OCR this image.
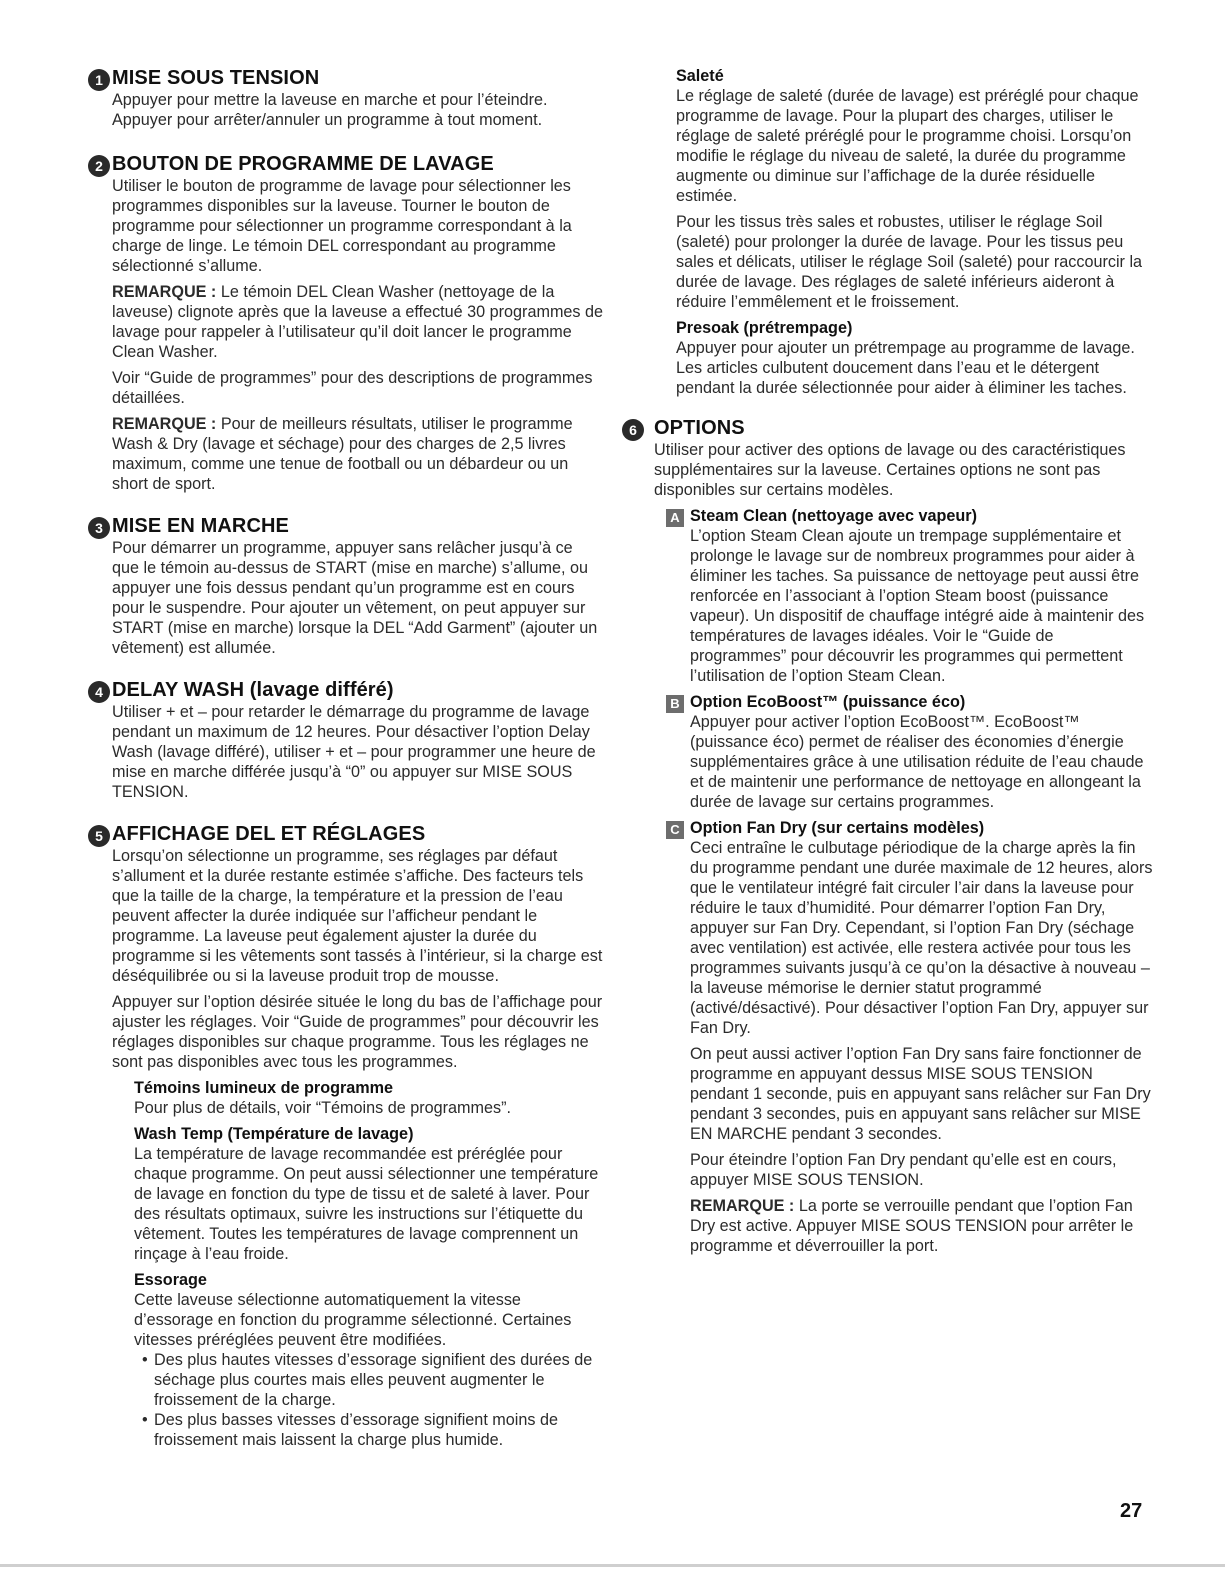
1 MISE SOUS TENSION

Appuyer pour mettre la laveuse en marche et pour l’éteindre. Appuyer pour arrêter/annuler un programme à tout moment.

2 BOUTON DE PROGRAMME DE LAVAGE

Utiliser le bouton de programme de lavage pour sélectionner les programmes disponibles sur la laveuse. Tourner le bouton de programme pour sélectionner un programme correspondant à la charge de linge. Le témoin DEL correspondant au programme sélectionné s’allume.

REMARQUE : Le témoin DEL Clean Washer (nettoyage de la laveuse) clignote après que la laveuse a effectué 30 programmes de lavage pour rappeler à l’utilisateur qu’il doit lancer le programme Clean Washer.

Voir “Guide de programmes” pour des descriptions de programmes détaillées.

REMARQUE : Pour de meilleurs résultats, utiliser le programme Wash & Dry (lavage et séchage) pour des charges de 2,5 livres maximum, comme une tenue de football ou un débardeur ou un short de sport.

3 MISE EN MARCHE

Pour démarrer un programme, appuyer sans relâcher jusqu’à ce que le témoin au-dessus de START (mise en marche) s’allume, ou appuyer une fois dessus pendant qu’un programme est en cours pour le suspendre. Pour ajouter un vêtement, on peut appuyer sur START (mise en marche) lorsque la DEL “Add Garment” (ajouter un vêtement) est allumée.

4 DELAY WASH (lavage différé)

Utiliser + et – pour retarder le démarrage du programme de lavage pendant un maximum de 12 heures. Pour désactiver l’option Delay Wash (lavage différé), utiliser + et – pour programmer une heure de mise en marche différée jusqu’à “0” ou appuyer sur MISE SOUS TENSION.

5 AFFICHAGE DEL ET RÉGLAGES

Lorsqu’on sélectionne un programme, ses réglages par défaut s’allument et la durée restante estimée s’affiche. Des facteurs tels que la taille de la charge, la température et la pression de l’eau peuvent affecter la durée indiquée sur l’afficheur pendant le programme. La laveuse peut également ajuster la durée du programme si les vêtements sont tassés à l’intérieur, si la charge est déséquilibrée ou si la laveuse produit trop de mousse.

Appuyer sur l’option désirée située le long du bas de l’affichage pour ajuster les réglages. Voir “Guide de programmes” pour découvrir les réglages disponibles sur chaque programme. Tous les réglages ne sont pas disponibles avec tous les programmes.

Témoins lumineux de programme

Pour plus de détails, voir “Témoins de programmes”.

Wash Temp (Température de lavage)

La température de lavage recommandée est préréglée pour chaque programme. On peut aussi sélectionner une température de lavage en fonction du type de tissu et de saleté à laver. Pour des résultats optimaux, suivre les instructions sur l’étiquette du vêtement. Toutes les températures de lavage comprennent un rinçage à l’eau froide.

Essorage

Cette laveuse sélectionne automatiquement la vitesse d’essorage en fonction du programme sélectionné. Certaines vitesses préréglées peuvent être modifiées.

• Des plus hautes vitesses d’essorage signifient des durées de séchage plus courtes mais elles peuvent augmenter le froissement de la charge.
• Des plus basses vitesses d’essorage signifient moins de froissement mais laissent la charge plus humide.
Saleté

Le réglage de saleté (durée de lavage) est préréglé pour chaque programme de lavage. Pour la plupart des charges, utiliser le réglage de saleté préréglé pour le programme choisi. Lorsqu’on modifie le réglage du niveau de saleté, la durée du programme augmente ou diminue sur l’affichage de la durée résiduelle estimée.

Pour les tissus très sales et robustes, utiliser le réglage Soil (saleté) pour prolonger la durée de lavage. Pour les tissus peu sales et délicats, utiliser le réglage Soil (saleté) pour raccourcir la durée de lavage. Des réglages de saleté inférieurs aideront à réduire l’emmêlement et le froissement.

Presoak (prétrempage)

Appuyer pour ajouter un prétrempage au programme de lavage. Les articles culbutent doucement dans l’eau et le détergent pendant la durée sélectionnée pour aider à éliminer les taches.

6 OPTIONS

Utiliser pour activer des options de lavage ou des caractéristiques supplémentaires sur la laveuse. Certaines options ne sont pas disponibles sur certains modèles.

A Steam Clean (nettoyage avec vapeur)

L’option Steam Clean ajoute un trempage supplémentaire et prolonge le lavage sur de nombreux programmes pour aider à éliminer les taches. Sa puissance de nettoyage peut aussi être renforcée en l’associant à l’option Steam boost (puissance vapeur). Un dispositif de chauffage intégré aide à maintenir des températures de lavages idéales. Voir le “Guide de programmes” pour découvrir les programmes qui permettent l’utilisation de l’option Steam Clean.

B Option EcoBoost™ (puissance éco)

Appuyer pour activer l’option EcoBoost™. EcoBoost™ (puissance éco) permet de réaliser des économies d’énergie supplémentaires grâce à une utilisation réduite de l’eau chaude et de maintenir une performance de nettoyage en allongeant la durée de lavage sur certains programmes.

C Option Fan Dry (sur certains modèles)

Ceci entraîne le culbutage périodique de la charge après la fin du programme pendant une durée maximale de 12 heures, alors que le ventilateur intégré fait circuler l’air dans la laveuse pour réduire le taux d’humidité. Pour démarrer l’option Fan Dry, appuyer sur Fan Dry. Cependant, si l’option Fan Dry (séchage avec ventilation) est activée, elle restera activée pour tous les programmes suivants jusqu’à ce qu’on la désactive à nouveau – la laveuse mémorise le dernier statut programmé (activé/désactivé). Pour désactiver l’option Fan Dry, appuyer sur Fan Dry.

On peut aussi activer l’option Fan Dry sans faire fonctionner de programme en appuyant dessus MISE SOUS TENSION pendant 1 seconde, puis en appuyant sans relâcher sur Fan Dry pendant 3 secondes, puis en appuyant sans relâcher sur MISE EN MARCHE pendant 3 secondes.

Pour éteindre l’option Fan Dry pendant qu’elle est en cours, appuyer MISE SOUS TENSION.

REMARQUE : La porte se verrouille pendant que l’option Fan Dry est active. Appuyer MISE SOUS TENSION pour arrêter le programme et déverrouiller la port.

27
